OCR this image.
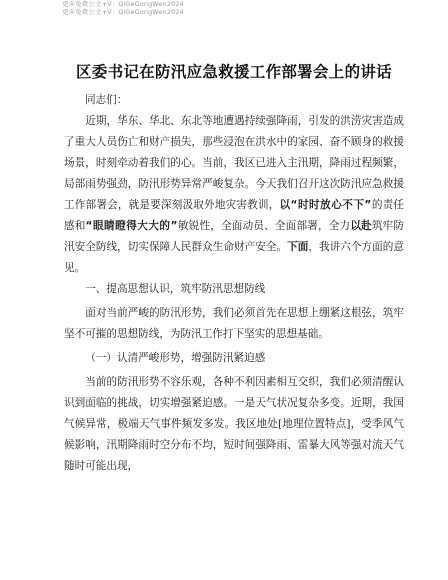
更多免费公文+V：QiGeGongWen2024
更多免费公文+V：QiGeGongWen2024
区委书记在防汛应急救援工作部署会上的讲话

同志们：

近期，华东、华北、东北等地遭遇持续强降雨，引发的洪涝灾害造成了重大人员伤亡和财产损失，那些浸泡在洪水中的家园、奋不顾身的救援场景，时刻牵动着我们的心。当前，我区已进入主汛期，降雨过程频繁，局部雨势强劲，防汛形势异常严峻复杂。今天我们召开这次防汛应急救援工作部署会，就是要深刻汲取外地灾害教训，以“时时放心不下”的责任感和“眼睛瞪得大大的”敏锐性，全面动员、全面部署，全力以赴筑牢防汛安全防线，切实保障人民群众生命财产安全。下面，我讲六个方面的意见。

一、提高思想认识，筑牢防汛思想防线

面对当前严峻的防汛形势，我们必须首先在思想上绷紧这根弦，筑牢坚不可摧的思想防线，为防汛工作打下坚实的思想基础。

（一）认清严峻形势，增强防汛紧迫感

当前的防汛形势不容乐观，各种不利因素相互交织，我们必须清醒认识到面临的挑战，切实增强紧迫感。一是天气状况复杂多变。近期，我国气候异常，极端天气事件频发多发。我区地处[地理位置特点]，受季风气候影响，汛期降雨时空分布不均，短时间强降雨、雷暴大风等强对流天气随时可能出现，
